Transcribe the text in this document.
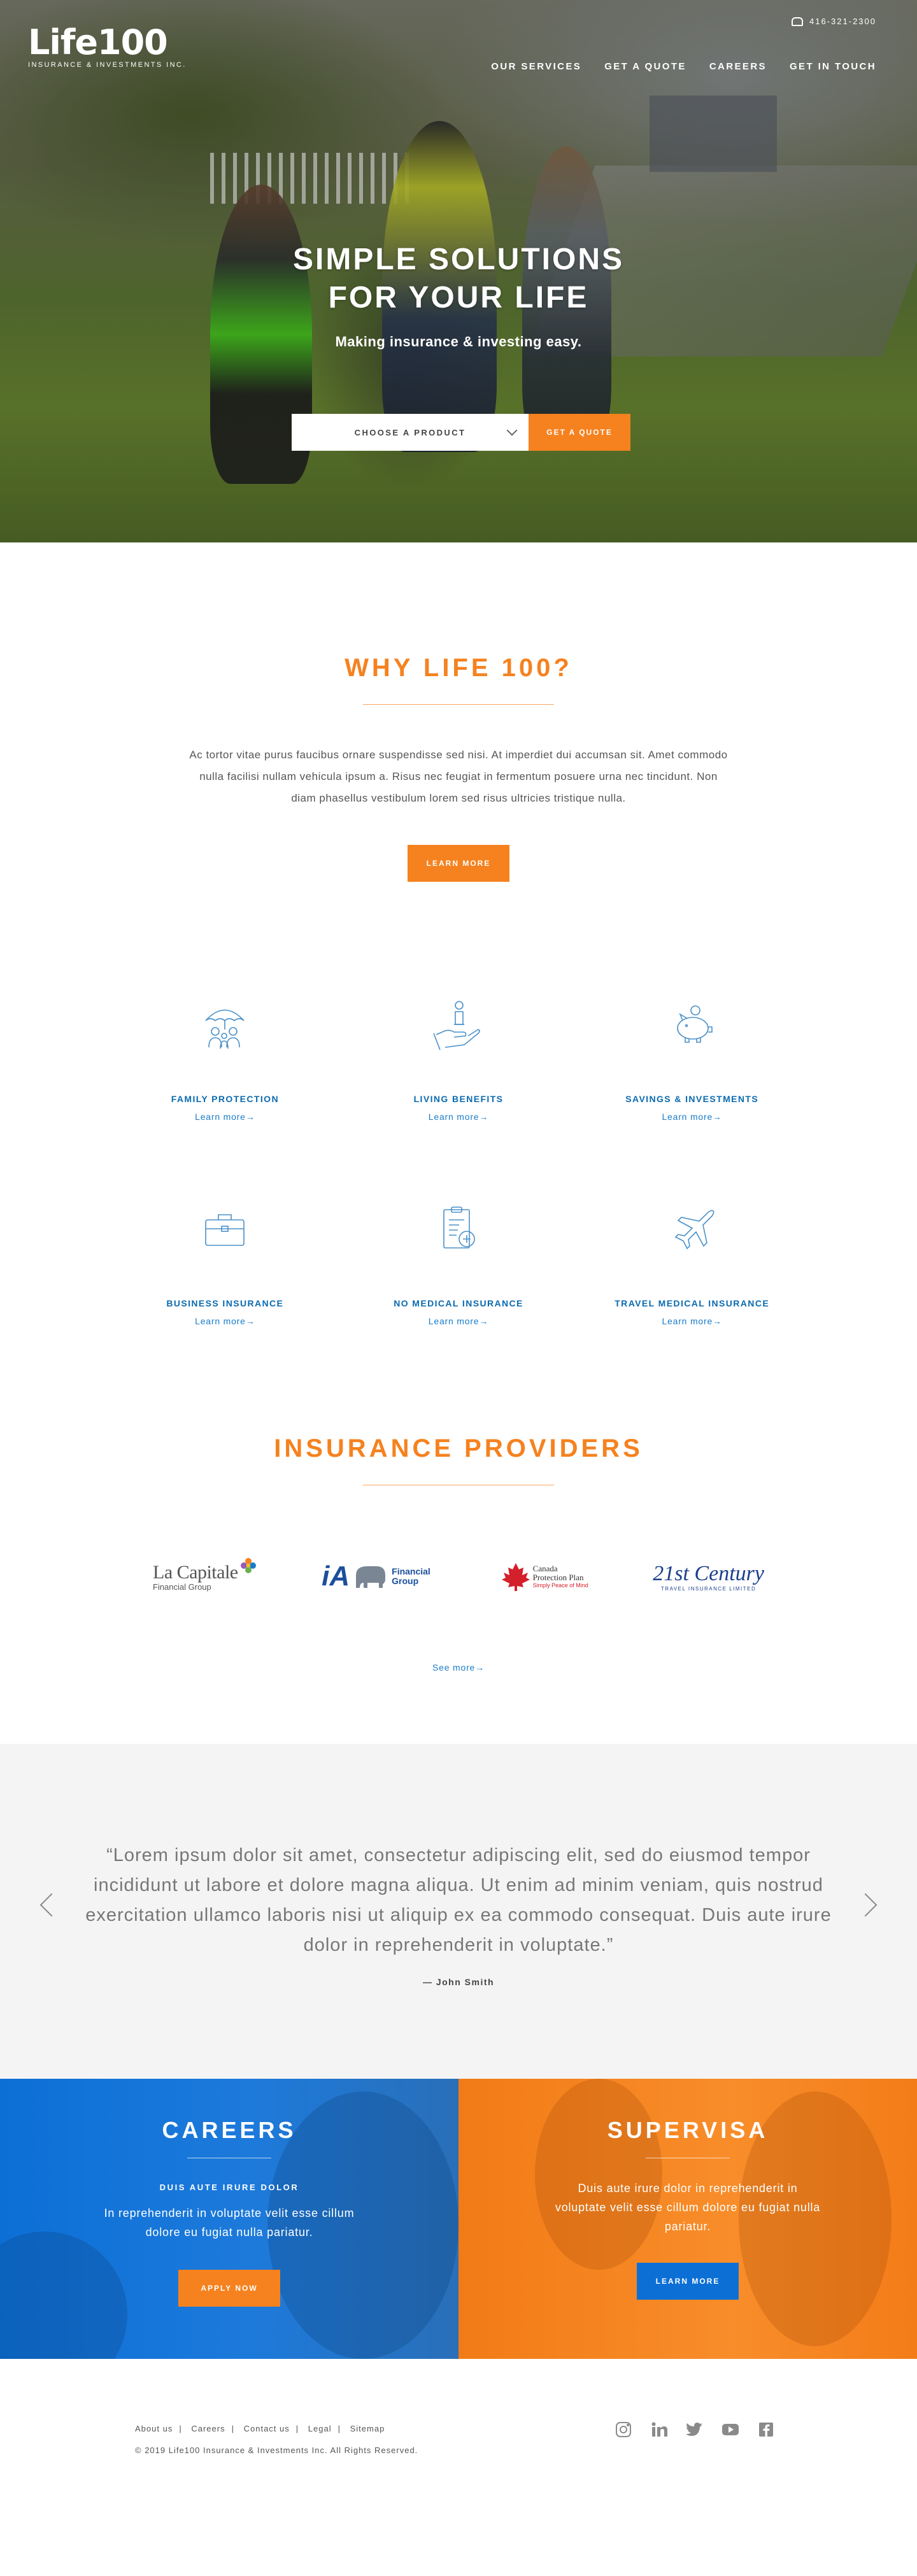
Life100
INSURANCE & INVESTMENTS INC.
416-321-2300
OUR SERVICES GET A QUOTE CAREERS GET IN TOUCH
SIMPLE SOLUTIONS
FOR YOUR LIFE
Making insurance & investing easy.
CHOOSE A PRODUCT	GET A QUOTE
WHY LIFE 100?

Ac tortor vitae purus faucibus ornare suspendisse sed nisi. At imperdiet dui accumsan sit. Amet commodo nulla facilisi nullam vehicula ipsum a. Risus nec feugiat in fermentum posuere urna nec tincidunt. Non diam phasellus vestibulum lorem sed risus ultricies tristique nulla.

LEARN MORE
FAMILY PROTECTION
Learn more→
LIVING BENEFITS
Learn more→
SAVINGS & INVESTMENTS
Learn more→
BUSINESS INSURANCE
Learn more→
NO MEDICAL INSURANCE
Learn more→
TRAVEL MEDICAL INSURANCE
Learn more→
INSURANCE PROVIDERS
La Capitale
Financial Group	iA	Financial Group
Canada Protection Plan
Simply Peace of Mind
21st Century
TRAVEL INSURANCE LIMITED
See more→

“Lorem ipsum dolor sit amet, consectetur adipiscing elit, sed do eiusmod tempor incididunt ut labore et dolore magna aliqua. Ut enim ad minim veniam, quis nostrud exercitation ullamco laboris nisi ut aliquip ex ea commodo consequat. Duis aute irure dolor in reprehenderit in voluptate.”

— John Smith
CAREERS
DUIS AUTE IRURE DOLOR

In reprehenderit in voluptate velit esse cillum dolore eu fugiat nulla pariatur.

APPLY NOW
SUPERVISA

Duis aute irure dolor in reprehenderit in voluptate velit esse cillum dolore eu fugiat nulla pariatur.

LEARN MORE
About us | Careers | Contact us | Legal | Sitemap
© 2019 Life100 Insurance & Investments Inc. All Rights Reserved.
